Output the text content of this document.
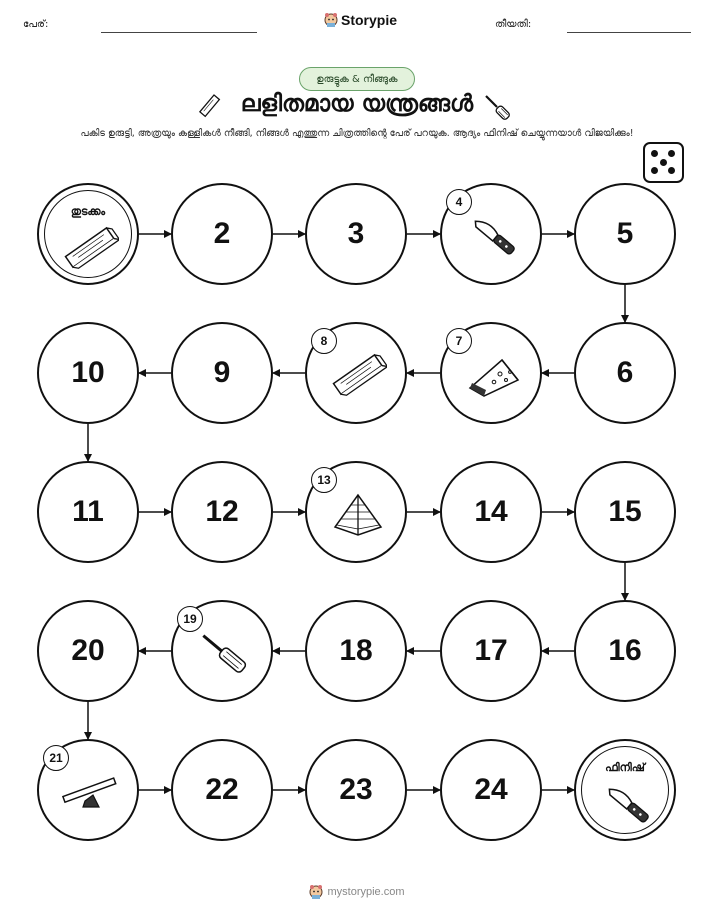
പേര്:	Storypie	തീയതി:
ഉരുട്ടുക & നീങ്ങുക
ലളിതമായ യന്ത്രങ്ങൾ
പകിട ഉരുട്ടി, അത്രയും കള്ളികൾ നീങ്ങി, നിങ്ങൾ എത്തുന്ന ചിത്രത്തിന്റെ പേര് പറയുക. ആദ്യം ഫിനിഷ് ചെയ്യുന്നയാൾ വിജയിക്കും!
തുടക്കം
2	3
4
5
6
7
8
9
10
11	12
13
14	15
16
17
18
19
20
21
22	23	24
ഫിനിഷ്
mystorypie.com
